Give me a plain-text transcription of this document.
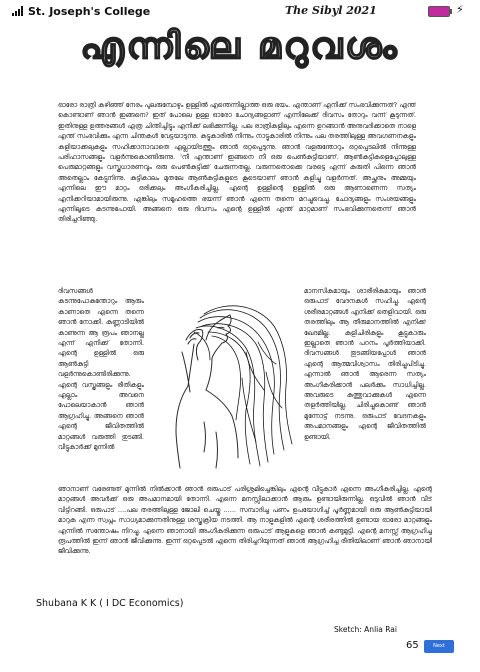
St. Joseph's College	The Sibyl 2021	⚡
എന്നിലെ മറുവശം
ഓരോ രാത്രി കഴിഞ്ഞ് നേരം പുലരുമ്പോഴും ഉള്ളിൽ എന്തെന്നില്ലാത്ത ഒരു ഭയം. എന്താണ് എനിക്ക് സംഭവിക്കുന്നത്? എന്ത് കൊണ്ടാണ് ഞാൻ ഇങ്ങനെ? ഇത് പോലെ ഉള്ള ഓരോ ചോദ്യങ്ങളാണ് എന്നിലേക്ക് ദിവസം തോറും വന്ന് കൂടുന്നത്. ഇതിനുള്ള ഉത്തരങ്ങൾ എത്ര ചിന്തിച്ചിട്ടും എനിക്ക് ലഭിക്കുന്നില്ല. പല രാത്രികളിലും എന്നെ ഉറങ്ങാൻ അനുവദിക്കാതെ നാളെ എന്ത് സംഭവിക്കും എന്ന ചിന്തകൾ വേട്ടയാടുന്നു. കുട്ടുകാരിൽ നിന്നും നാട്ടുകാരിൽ നിന്നും പല തരത്തിലുള്ള അവഗണനകളും കളിയാക്കലുകളും സഹിക്കാനാവാതെ എല്ലായിടത്തും ഞാൻ ഒറ്റപ്പെടുന്നു. ഞാൻ വളരുന്തോറും ഒറ്റപ്പെടലിൽ നിന്നുള്ള പരിഹാസങ്ങളും വളർന്നുകൊണ്ടിരുന്നു. 'നീ എന്താണ് ഇങ്ങനെ നീ ഒരു പെൺകുട്ടിയാണ്. ആൺകുട്ടികളെപ്പോലുള്ള പെരുമാറ്റങ്ങളും വസ്ത്രധാരണവും ഒരു പെൺകുട്ടിക്ക് ചേരുന്നതല്ല. വരുന്നതൊക്കെ വരട്ടെ എന്ന് കരുതി പിന്നെ ഞാൻ അതെല്ലാം കേട്ടുനിന്നു. കുട്ടികാലം മുതലേ ആൺകുട്ടികളുടെ കൂടെയാണ് ഞാൻ കളിച്ചു വളർന്നത്. അച്ഛനും അമ്മയും എന്നിലെ ഈ മാറ്റം ഒരിക്കലും അംഗീകരിച്ചില്ല. എന്റെ ഉള്ളിന്റെ ഉള്ളിൽ ഒരു ആണാണെന്ന സത്യം എനിക്കറിയാമായിരുന്നു. എങ്കിലും സമൂഹത്തെ ഭയന്ന് ഞാൻ എന്നെ തന്നെ മറച്ചുവെച്ചു. ചോദ്യങ്ങളും സംശയങ്ങളും എന്നിലൂടെ കടന്നുപോയി. അങ്ങനെ ഒരു ദിവസം എന്റെ ഉള്ളിൽ എന്ത് മാറ്റമാണ് സംഭവിക്കുന്നതെന്ന് ഞാൻ തിരിച്ചറിഞ്ഞു.
ദിവസങ്ങൾ കടന്നുപോകുന്തോറും ആരും കാണാതെ എന്നെ തന്നെ ഞാൻ നോക്കി. കണ്ണാടിയിൽ കാണുന്ന ആ രൂപം ഞാനല്ല എന്ന് എനിക്ക് തോന്നി. എന്റെ ഉള്ളിൽ ഒരു ആൺകുട്ടി വളർന്നുകൊണ്ടിരിക്കുന്നു. എന്റെ വസ്ത്രങ്ങളും രീതികളും എല്ലാം അവനെ പോലെയാകാൻ ഞാൻ ആഗ്രഹിച്ചു. അങ്ങനെ ഞാൻ എന്റെ ജീവിതത്തിൽ മാറ്റങ്ങൾ വരുത്തി തുടങ്ങി. വീട്ടുകാർക്ക് മുന്നിൽ
മാനസികമായും ശാരീരികമായും ഞാൻ ഒരുപാട് വേദനകൾ സഹിച്ചു. എന്റെ ശരീരമാറ്റങ്ങൾ എനിക്ക് തെളിവായി. ഒരു തരത്തിലും ആ തീരുമാനത്തിൽ എനിക്ക് ഖേദമില്ല. കളിചിരികളും കൂട്ടുകാരും ഇല്ലാതെ ഞാൻ പഠനം പൂർത്തിയാക്കി. ദിവസങ്ങൾ തുടങ്ങിയപ്പോൾ ഞാൻ എന്റെ ആത്മവിശ്വാസം തിരിച്ചുപിടിച്ചു. എന്നാൽ ഞാൻ ആരെന്ന സത്യം അംഗീകരിക്കാൻ പലർക്കും സാധിച്ചില്ല. അവരുടെ കുത്തുവാക്കുകൾ എന്നെ തളർത്തിയില്ല. ചിരിച്ചുകൊണ്ട് ഞാൻ മുന്നോട്ട് നടന്നു. ഒരുപാട് വേദനകളും അപമാനങ്ങളും എന്റെ ജീവിതത്തിൽ ഉണ്ടായി.
ഞാനാണ് വരേണ്ടത് മുന്നിൽ നിൽക്കാൻ ഞാൻ ഒരുപാട് പരിശ്രമിച്ചെങ്കിലും എന്റെ വീട്ടുകാർ എന്നെ അംഗീകരിച്ചില്ല. എന്റെ മാറ്റങ്ങൾ അവർക്ക് ഒരു അപമാനമായി തോന്നി. എന്നെ മനസ്സിലാക്കാൻ ആരും ഉണ്ടായിരുന്നില്ല. ഒടുവിൽ ഞാൻ വീട് വിട്ടിറങ്ങി. ഒരുപാട് ....പല തരത്തിലുള്ള ജോലി ചെയ്തു ...... സമ്പാദിച്ച പണം ഉപയോഗിച്ച് പൂർണ്ണമായി ഒരു ആൺകുട്ടിയായി മാറുക എന്ന സ്വപ്നം സാധ്യമാക്കുന്നതിനുള്ള ശസ്ത്രക്രിയ നടത്തി. ആ നാളുകളിൽ എന്റെ ശരീരത്തിൽ ഉണ്ടായ ഓരോ മാറ്റങ്ങളും എന്നിൽ സന്തോഷം നിറച്ചു. എന്നെ ഞാനായി അംഗീകരിക്കുന്ന ഒരുപാട് ആളുകളെ ഞാൻ കണ്ടുമുട്ടി. എന്റെ മനസ്സ് ആഗ്രഹിച്ച രൂപത്തിൽ ഇന്ന് ഞാൻ ജീവിക്കുന്നു. ഇന്ന് ഒറ്റപ്പെടൽ എന്നെ തിരിച്ചറിയുന്നത് ഞാൻ ആഗ്രഹിച്ച രീതിയിലാണ് ഞാൻ ഞാനായി ജീവിക്കുന്നു.
Shubana K K ( I DC Economics)
Sketch: Anlia Rai
65	Next
